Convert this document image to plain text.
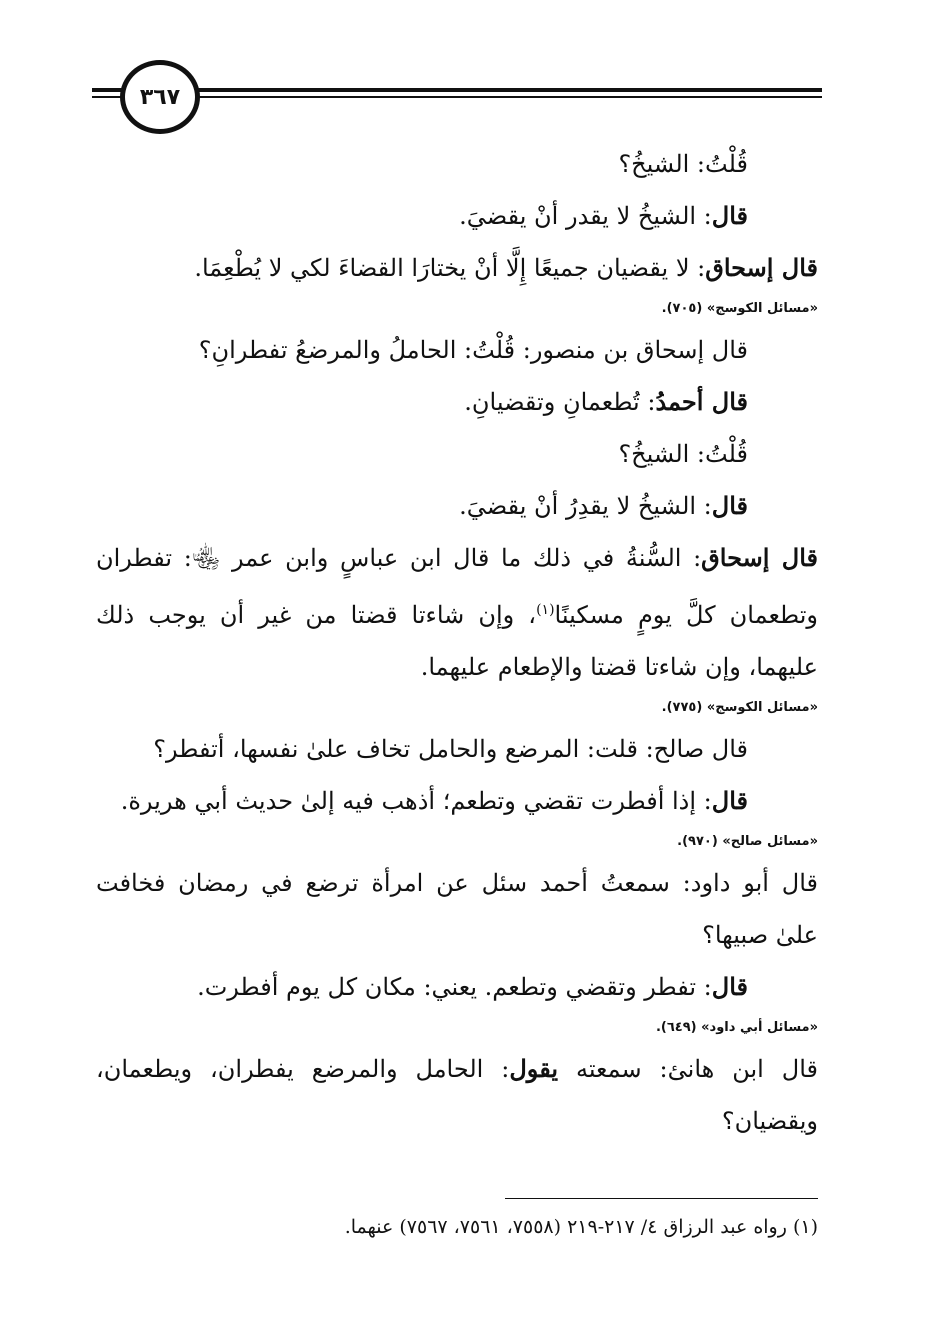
٣٦٧
قُلْتُ: الشيخُ؟
قال: الشيخُ لا يقدر أنْ يقضيَ.
قال إسحاق: لا يقضيان جميعًا إِلَّا أنْ يختارَا القضاءَ لكي لا يُطْعِمَا.
«مسائل الكوسج» (٧٠٥).
قال إسحاق بن منصور: قُلْتُ: الحاملُ والمرضعُ تفطرانِ؟
قال أحمدُ: تُطعمانِ وتقضيانِ.
قُلْتُ: الشيخُ؟
قال: الشيخُ لا يقدِرُ أنْ يقضيَ.
قال إسحاق: السُّنةُ في ذلك ما قال ابن عباسٍ وابن عمر ﵄: تفطران
وتطعمان كلَّ يومٍ مسكينًا$^{(١)}$، وإن شاءتا قضتا من غير أن يوجب ذلك
عليهما، وإن شاءتا قضتا والإطعام عليهما.
«مسائل الكوسج» (٧٧٥).
قال صالح: قلت: المرضع والحامل تخاف علىٰ نفسها، أتفطر؟
قال: إذا أفطرت تقضي وتطعم؛ أذهب فيه إلىٰ حديث أبي هريرة.
«مسائل صالح» (٩٧٠).
قال أبو داود: سمعتُ أحمد سئل عن امرأة ترضع في رمضان فخافت
علىٰ صبيها؟
قال: تفطر وتقضي وتطعم. يعني: مكان كل يوم أفطرت.
«مسائل أبي داود» (٦٤٩).
قال ابن هانئ: سمعته يقول: الحامل والمرضع يفطران، ويطعمان،
ويقضيان؟
(١) رواه عبد الرزاق ٤/ ٢١٧-٢١٩ (٧٥٥٨، ٧٥٦١، ٧٥٦٧) عنهما.
